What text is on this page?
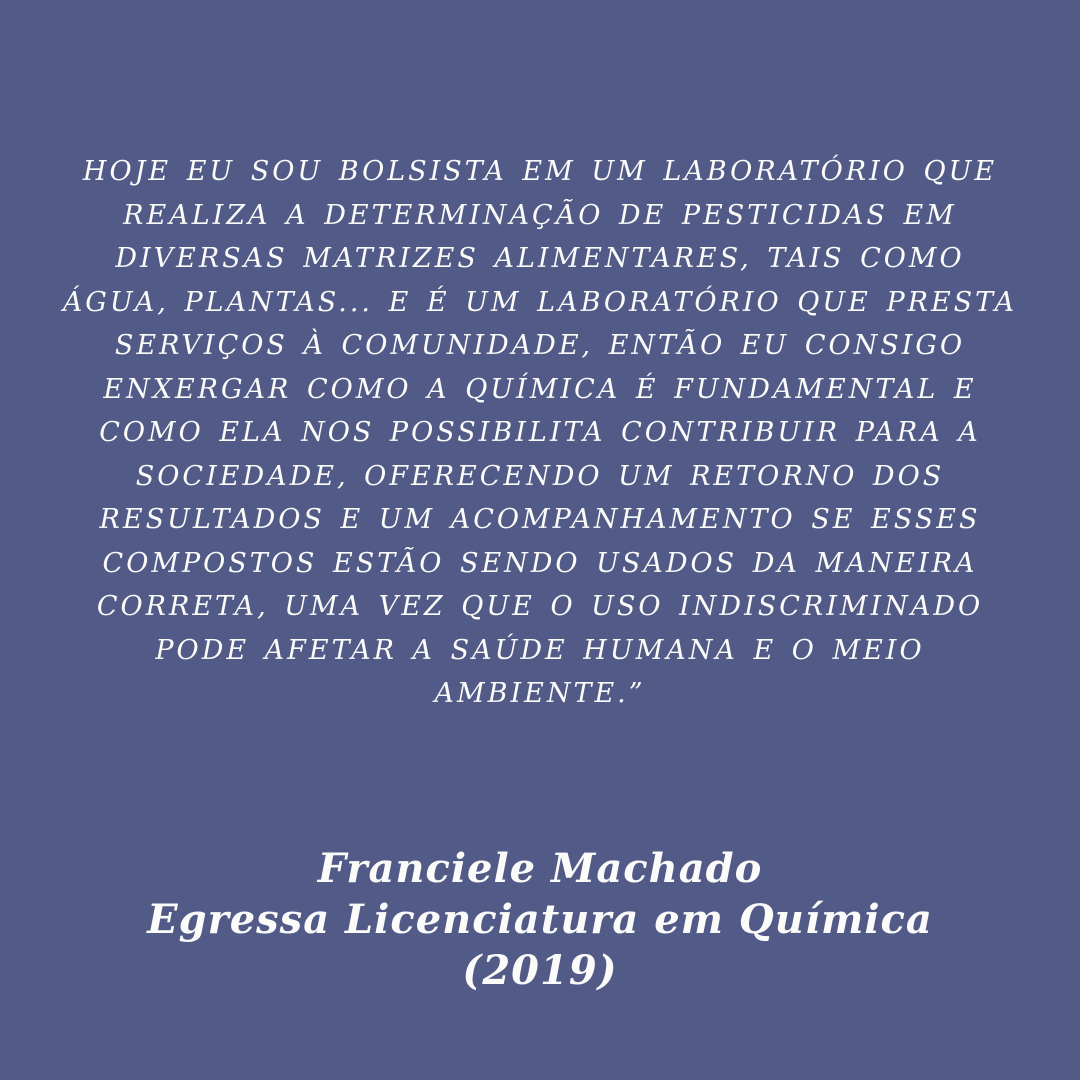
HOJE EU SOU BOLSISTA EM UM LABORATÓRIO QUE
REALIZA A DETERMINAÇÃO DE PESTICIDAS EM
DIVERSAS MATRIZES ALIMENTARES, TAIS COMO
ÁGUA, PLANTAS... E É UM LABORATÓRIO QUE PRESTA
SERVIÇOS À COMUNIDADE, ENTÃO EU CONSIGO
ENXERGAR COMO A QUÍMICA É FUNDAMENTAL E
COMO ELA NOS POSSIBILITA CONTRIBUIR PARA A
SOCIEDADE, OFERECENDO UM RETORNO DOS
RESULTADOS E UM ACOMPANHAMENTO SE ESSES
COMPOSTOS ESTÃO SENDO USADOS DA MANEIRA
CORRETA, UMA VEZ QUE O USO INDISCRIMINADO
PODE AFETAR A SAÚDE HUMANA E O MEIO
AMBIENTE.”
Franciele Machado
Egressa Licenciatura em Química
(2019)
